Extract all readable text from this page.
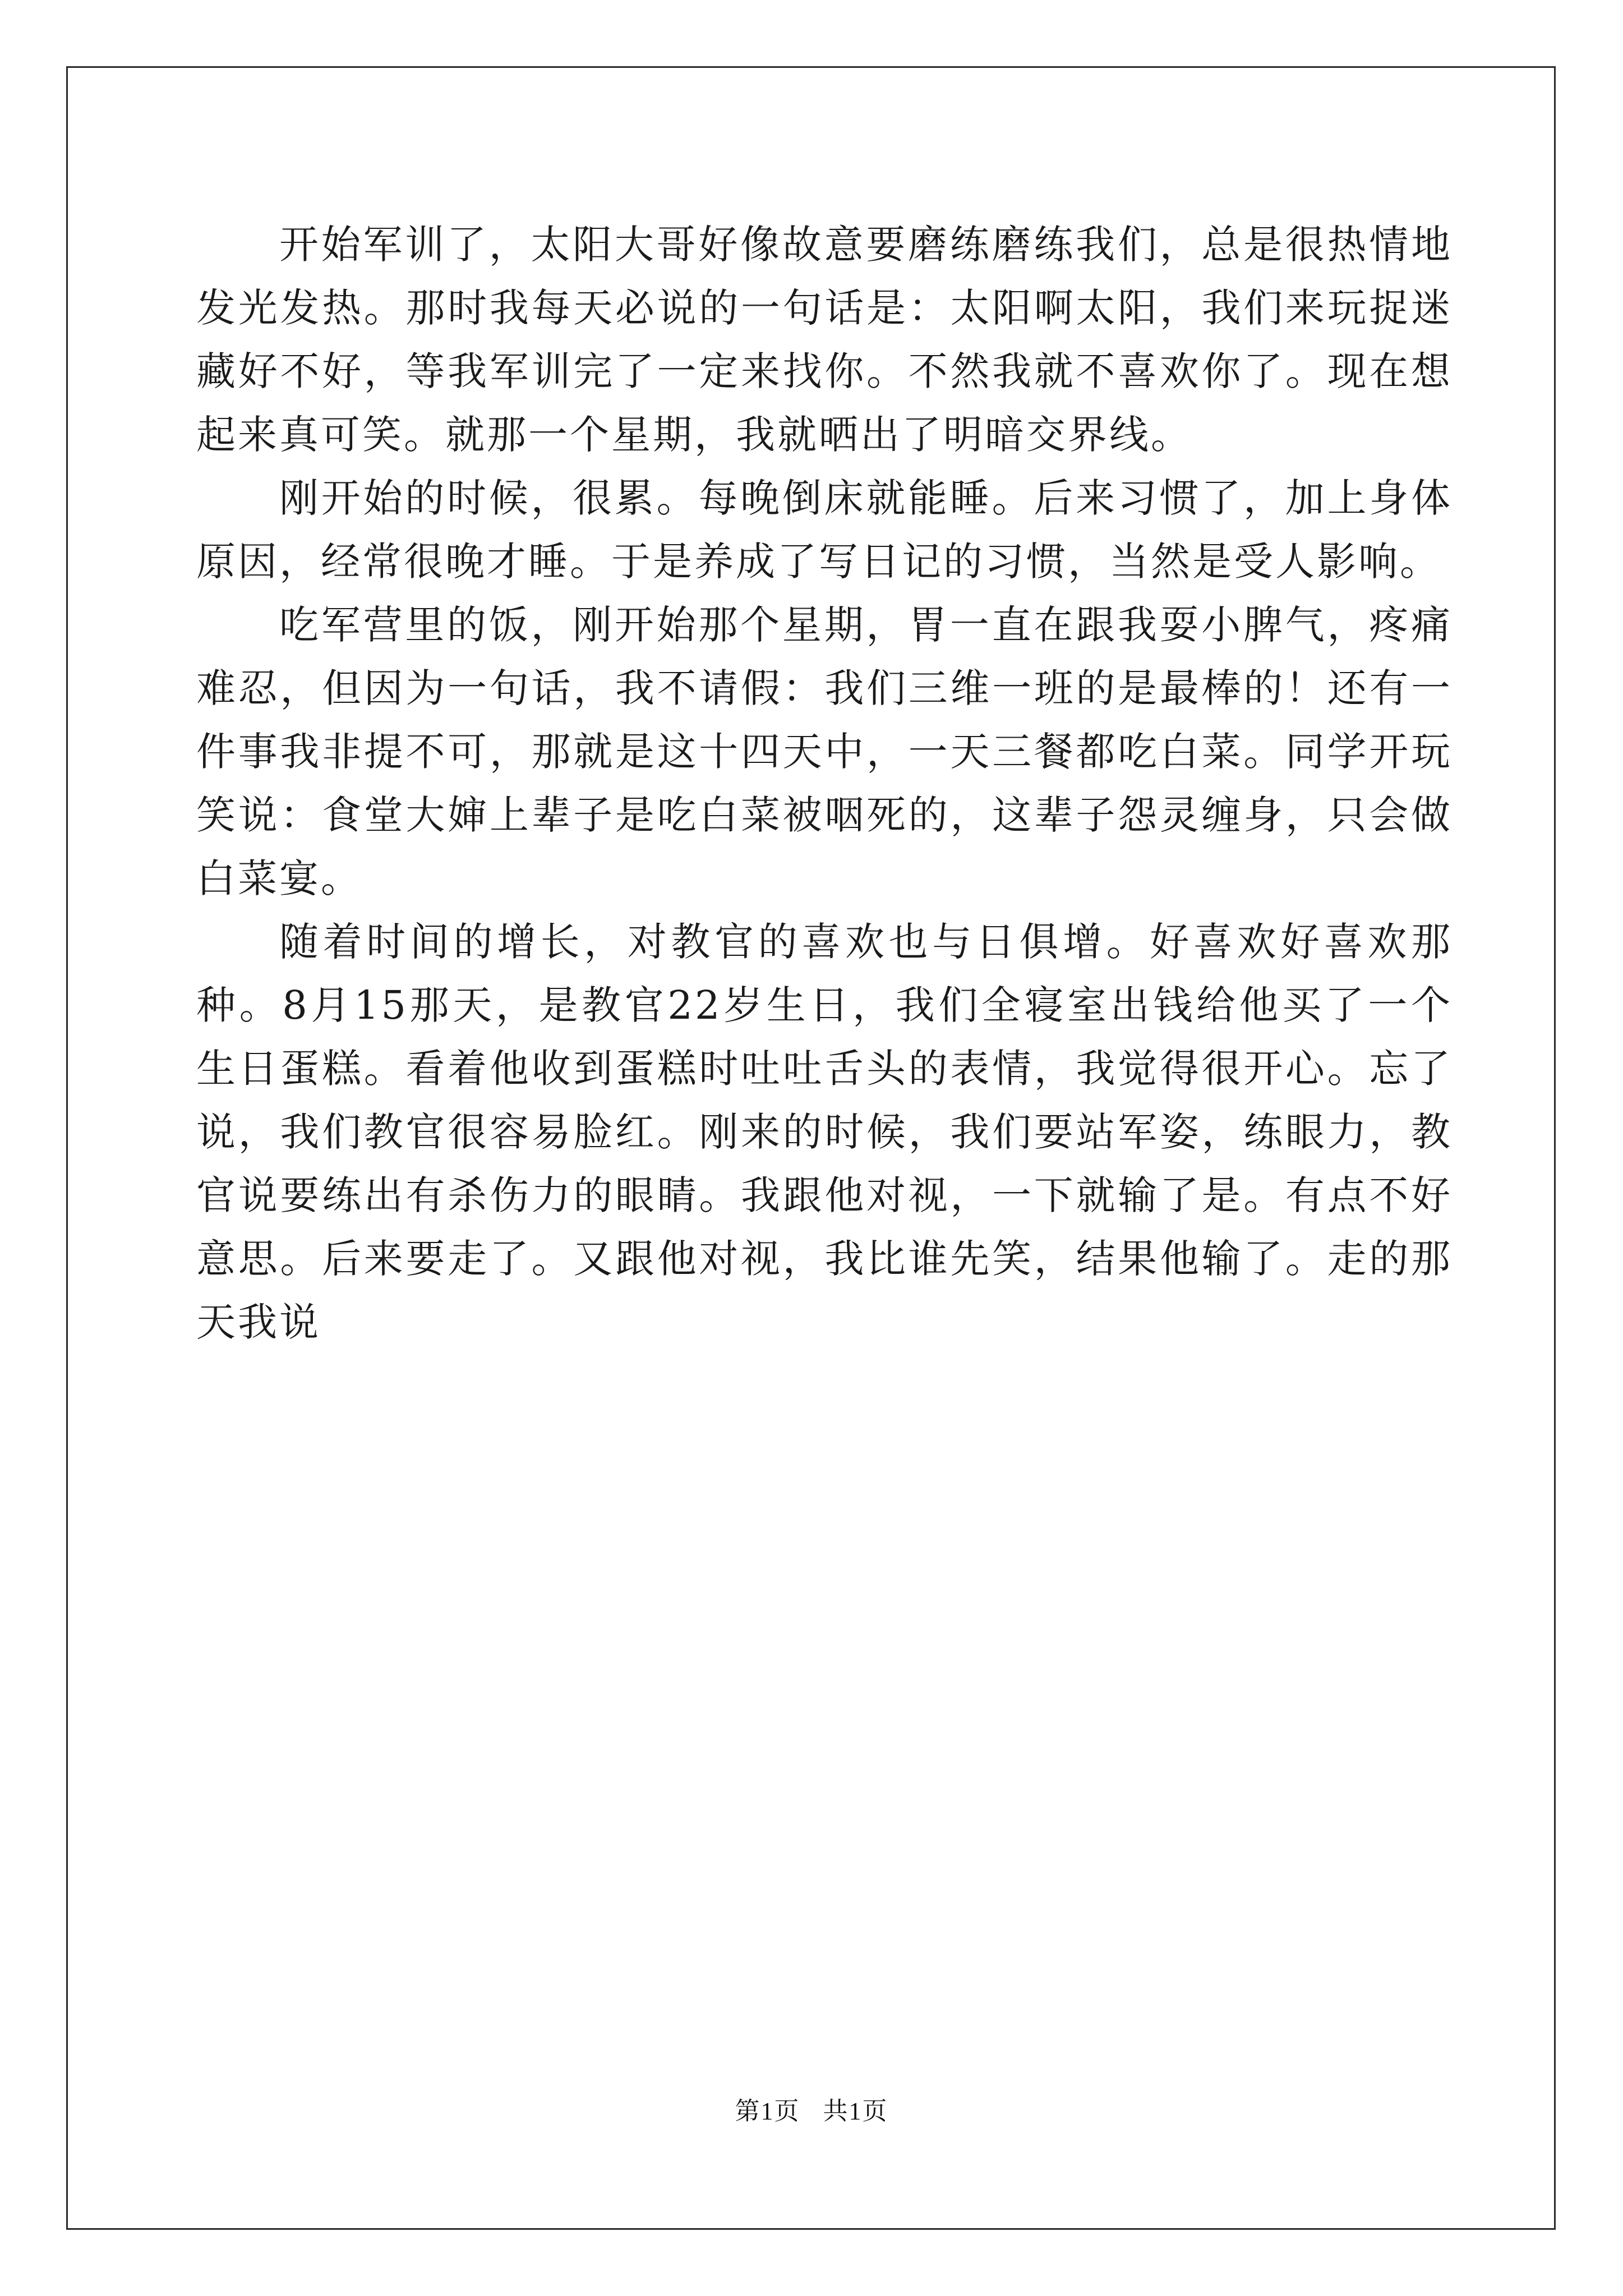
开始军训了，太阳大哥好像故意要磨练磨练我们，总是很热情地发光发热。那时我每天必说的一句话是：太阳啊太阳，我们来玩捉迷藏好不好，等我军训完了一定来找你。不然我就不喜欢你了。现在想起来真可笑。就那一个星期，我就晒出了明暗交界线。

刚开始的时候，很累。每晚倒床就能睡。后来习惯了，加上身体原因，经常很晚才睡。于是养成了写日记的习惯，当然是受人影响。

吃军营里的饭，刚开始那个星期，胃一直在跟我耍小脾气，疼痛难忍，但因为一句话，我不请假：我们三维一班的是最棒的！还有一件事我非提不可，那就是这十四天中，一天三餐都吃白菜。同学开玩笑说：食堂大婶上辈子是吃白菜被咽死的，这辈子怨灵缠身，只会做白菜宴。

随着时间的增长，对教官的喜欢也与日俱增。好喜欢好喜欢那种。8月15那天，是教官22岁生日，我们全寝室出钱给他买了一个生日蛋糕。看着他收到蛋糕时吐吐舌头的表情，我觉得很开心。忘了说，我们教官很容易脸红。刚来的时候，我们要站军姿，练眼力，教官说要练出有杀伤力的眼睛。我跟他对视，一下就输了是。有点不好意思。后来要走了。又跟他对视，我比谁先笑，结果他输了。走的那天我说

第1页 共1页
